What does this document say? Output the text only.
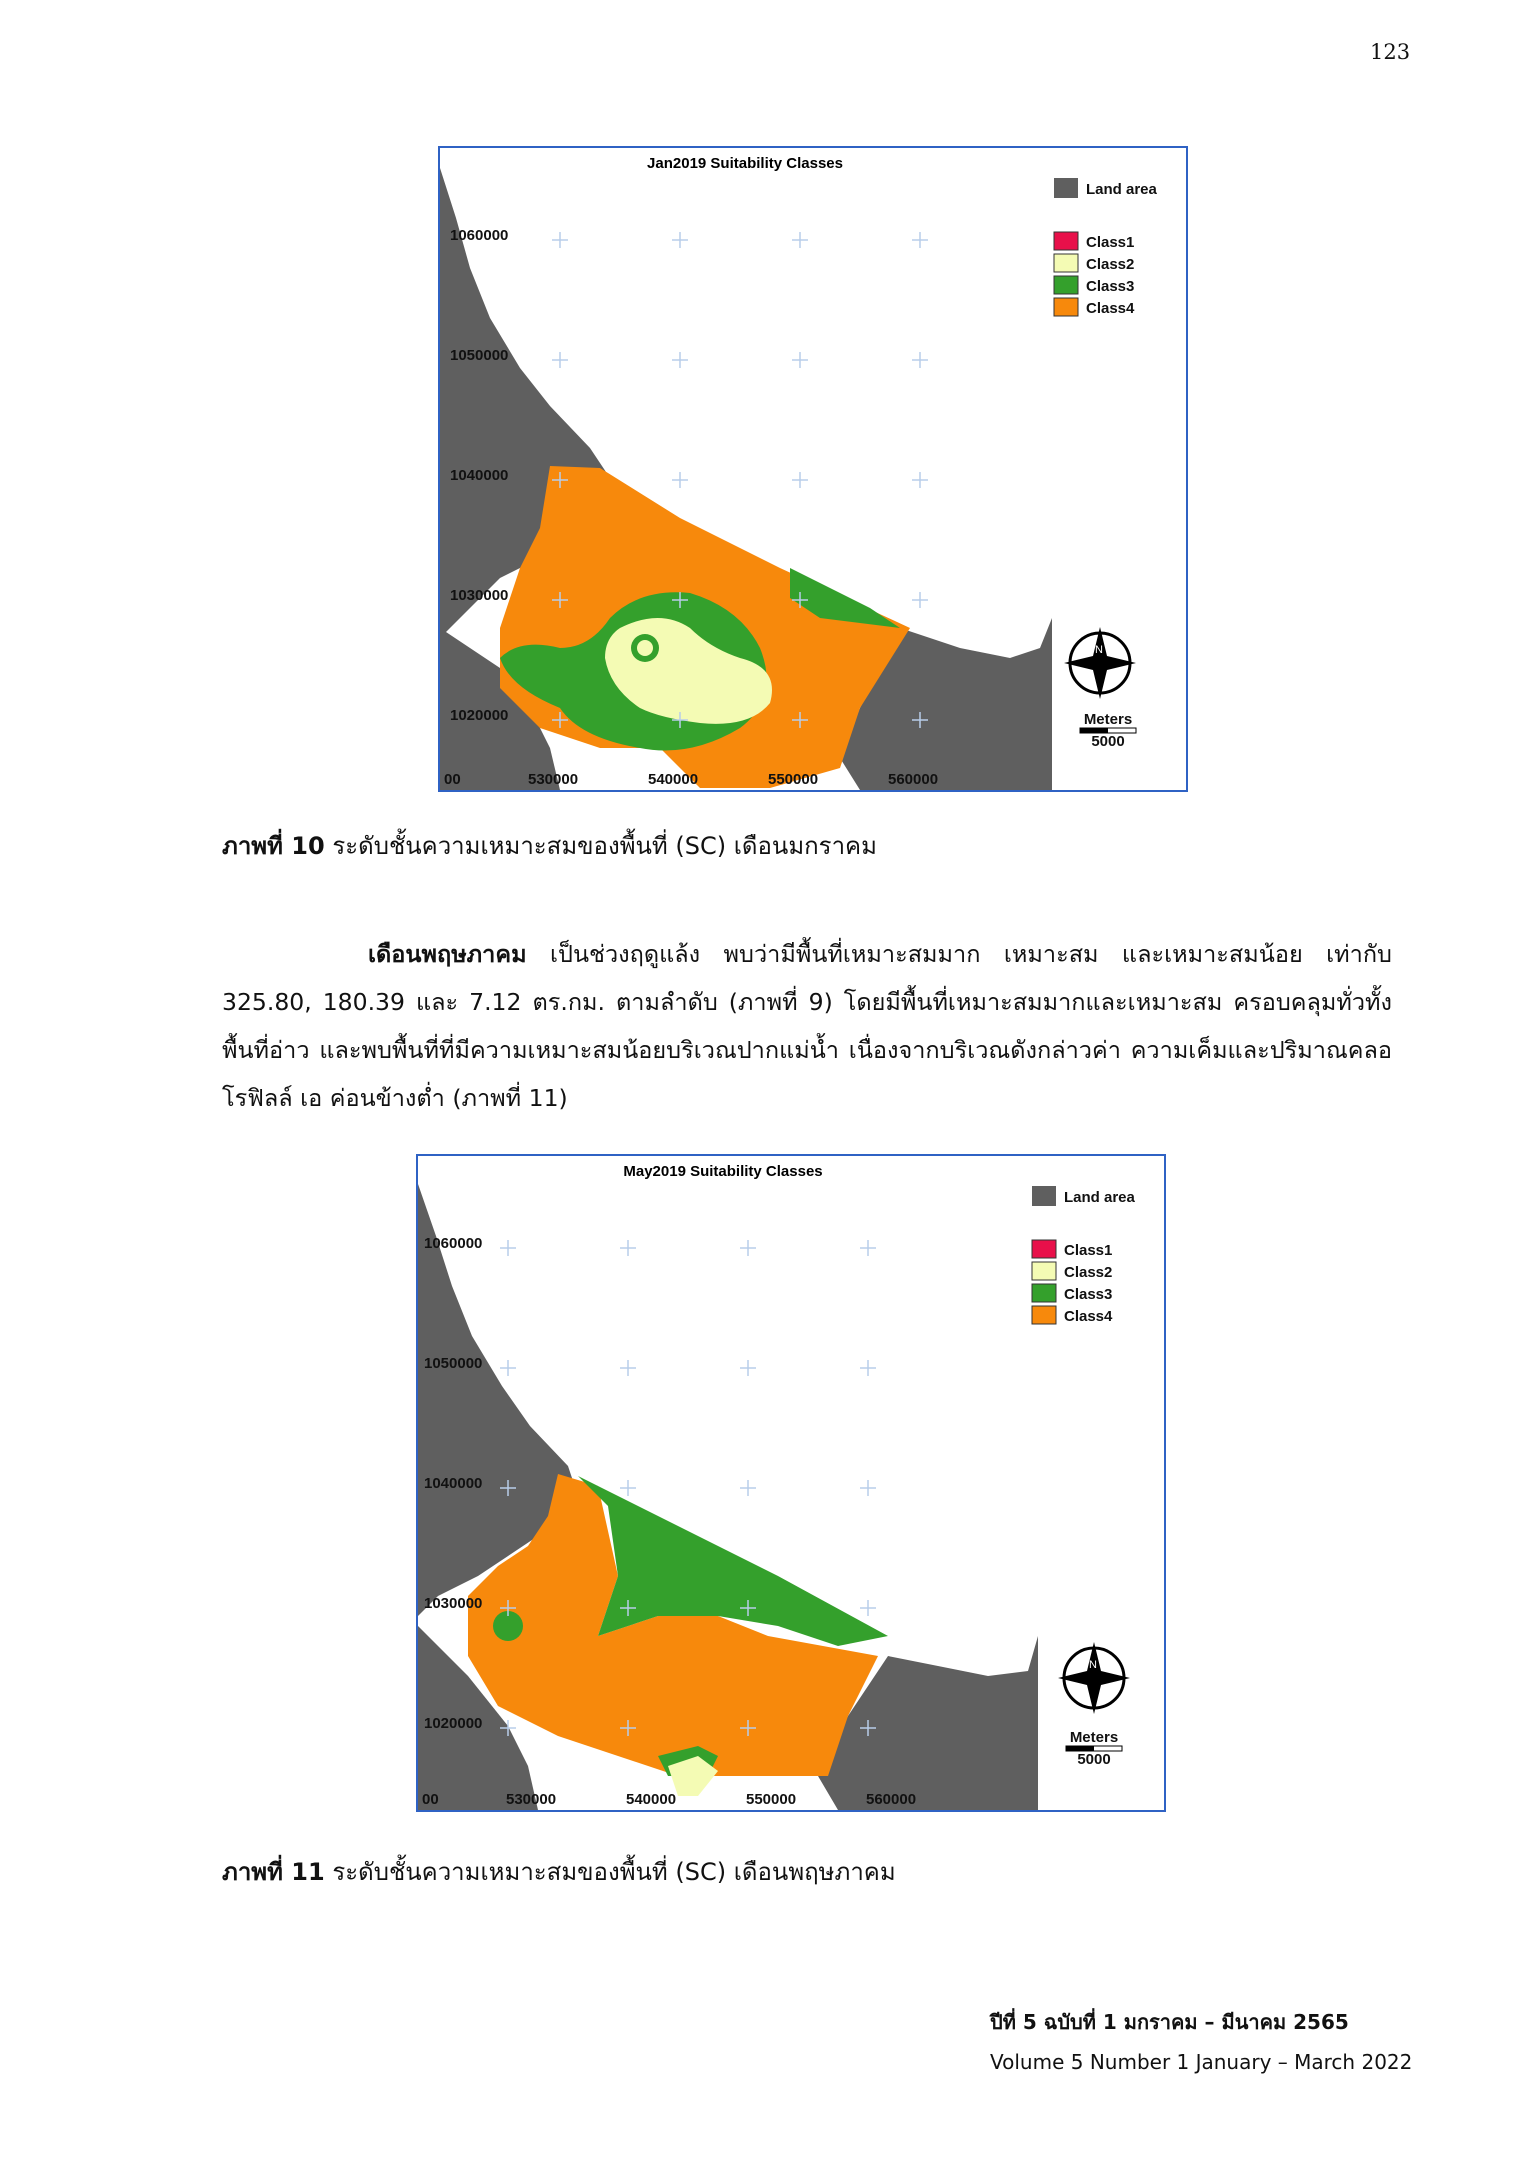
123
Jan2019 Suitability Classes
1060000
1050000
1040000
1030000
1020000
00	530000	540000	550000	560000
Land area
Class1
Class2
Class3
Class4
N
Meters
5000
ภาพที่ 10 ระดับชั้นความเหมาะสมของพื้นที่ (SC) เดือนมกราคม
เดือนพฤษภาคม เป็นช่วงฤดูแล้ง พบว่ามีพื้นที่เหมาะสมมาก เหมาะสม และเหมาะสมน้อย เท่ากับ 325.80, 180.39 และ 7.12 ตร.กม. ตามลำดับ (ภาพที่ 9) โดยมีพื้นที่เหมาะสมมากและเหมาะสม ครอบคลุมทั่วทั้งพื้นที่อ่าว และพบพื้นที่ที่มีความเหมาะสมน้อยบริเวณปากแม่น้ำ เนื่องจากบริเวณดังกล่าวค่า ความเค็มและปริมาณคลอโรฟิลล์ เอ ค่อนข้างต่ำ (ภาพที่ 11)
May2019 Suitability Classes
1060000
1050000
1040000
1030000
1020000
00	530000	540000	550000	560000
Land area
Class1
Class2
Class3
Class4
N
Meters
5000
ภาพที่ 11 ระดับชั้นความเหมาะสมของพื้นที่ (SC) เดือนพฤษภาคม
ปีที่ 5 ฉบับที่ 1 มกราคม – มีนาคม 2565
Volume 5 Number 1 January – March 2022
